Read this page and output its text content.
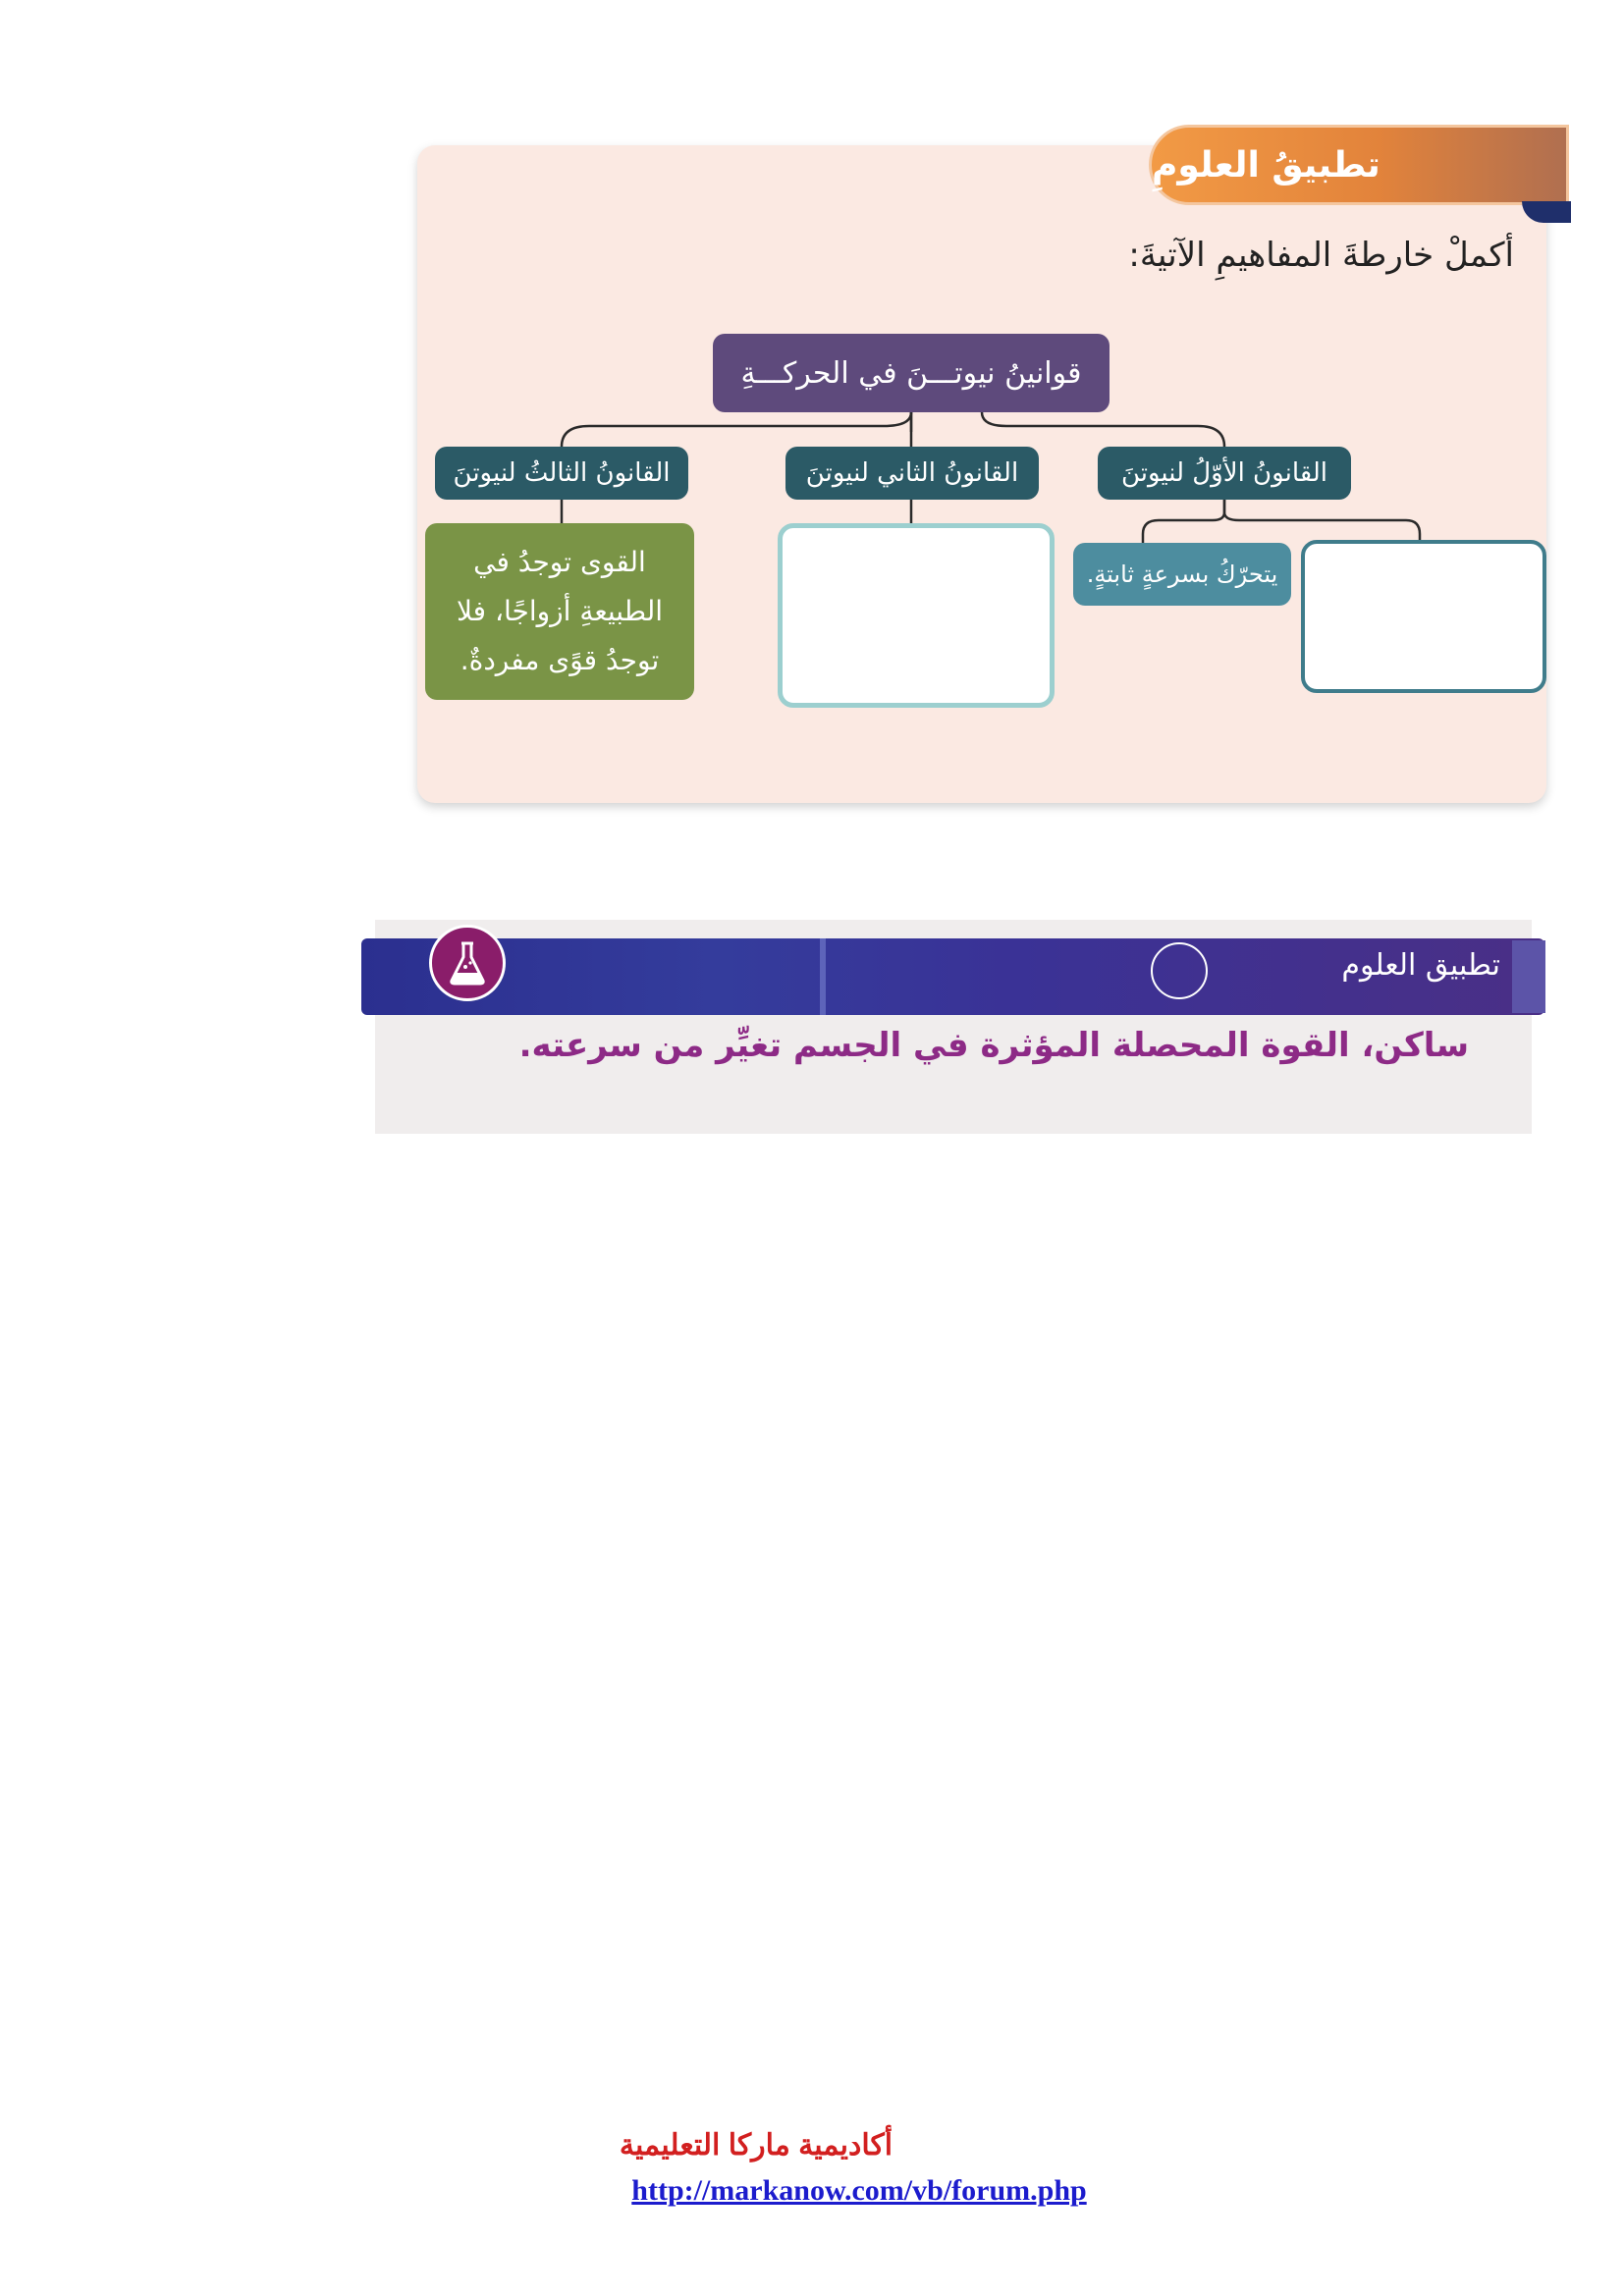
تطبيقُ العلومِ
أكملْ خارطةَ المفاهيمِ الآتيةَ:
قوانينُ نيوتـــنَ في الحركـــةِ
القانونُ الأوّلُ لنيوتنَ
القانونُ الثاني لنيوتنَ
القانونُ الثالثُ لنيوتنَ
القوى توجدُ في الطبيعةِ أزواجًا، فلا توجدُ قوًى مفردةٌ.
يتحرّكُ بسرعةٍ ثابتةٍ.
تطبيق العلوم
ساكن، القوة المحصلة المؤثرة في الجسم تغيِّر من سرعته.
أكاديمية ماركا التعليمية
http://markanow.com/vb/forum.php
